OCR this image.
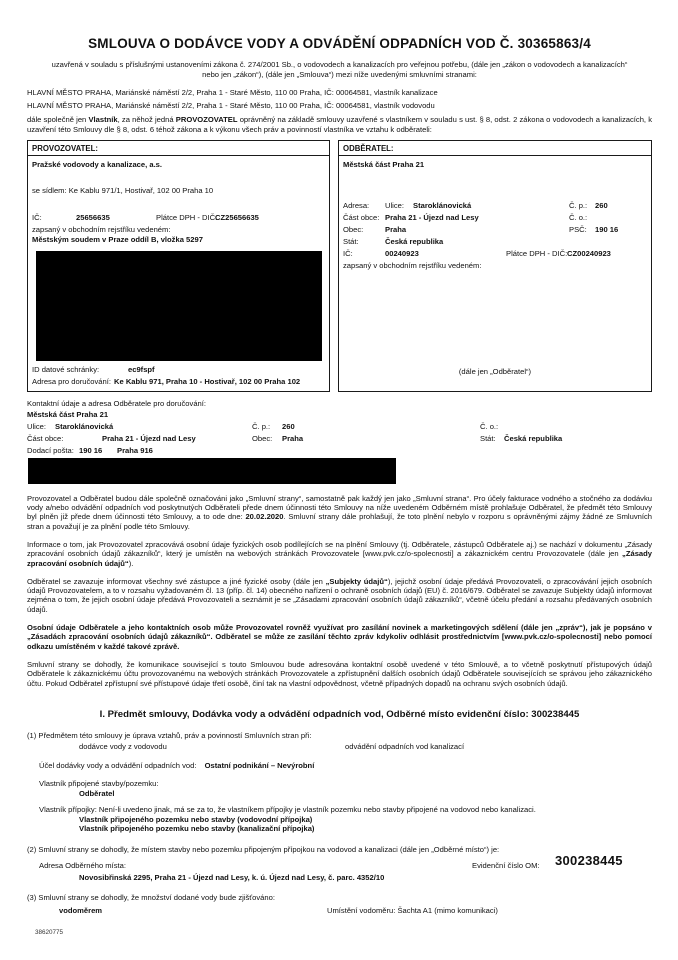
SMLOUVA O DODÁVCE VODY A ODVÁDĚNÍ ODPADNÍCH VOD Č. 30365863/4
uzavřená v souladu s příslušnými ustanoveními zákona č. 274/2001 Sb., o vodovodech a kanalizacích pro veřejnou potřebu, (dále jen „zákon o vodovodech a kanalizacích“
nebo jen „zákon“), (dále jen „Smlouva“) mezi níže uvedenými smluvními stranami:
HLAVNÍ MĚSTO PRAHA, Mariánské náměstí 2/2, Praha 1 - Staré Město, 110 00 Praha, IČ: 00064581, vlastník kanalizace
HLAVNÍ MĚSTO PRAHA, Mariánské náměstí 2/2, Praha 1 - Staré Město, 110 00 Praha, IČ: 00064581, vlastník vodovodu
dále společně jen Vlastník, za něhož jedná PROVOZOVATEL oprávněný na základě smlouvy uzavřené s vlastníkem v souladu s ust. § 8, odst. 2 zákona o vodovodech a kanalizacích, k uzavření této Smlouvy dle § 8, odst. 6 téhož zákona a k výkonu všech práv a povinností vlastníka ve vztahu k odběrateli:
PROVOZOVATEL:
Pražské vodovody a kanalizace, a.s.
se sídlem: Ke Kablu 971/1, Hostivař, 102 00 Praha 10
IČ:	25656635	Plátce DPH - DIČ:
CZ25656635
zapsaný v obchodním rejstříku vedeném:
Městským soudem v Praze oddíl B, vložka 5297
ID datové schránky:	ec9fspf
Adresa pro doručování: Ke Kablu 971, Praha 10 - Hostivař, 102 00 Praha 102
ODBĚRATEL:
Městská část Praha 21
Adresa: Ulice: Staroklánovická	Č. p.: 260
Část obce: Praha 21 - Újezd nad Lesy	Č. o.:
Obec:	Praha	PSČ: 190 16
Stát:	Česká republika
IČ:	00240923	Plátce DPH - DIČ: CZ00240923
zapsaný v obchodním rejstříku vedeném:
(dále jen „Odběratel“)
Kontaktní údaje a adresa Odběratele pro doručování:
Městská část Praha 21
Ulice: Staroklánovická	Č. p.: 260	Č. o.:
Část obce:	Praha 21 - Újezd nad Lesy	Obec: Praha	Stát: Česká republika
Dodací pošta: 190 16 Praha 916
Provozovatel a Odběratel budou dále společně označováni jako „Smluvní strany“, samostatně pak každý jen jako „Smluvní strana“. Pro účely fakturace vodného a stočného za dodávku vody a/nebo odvádění odpadních vod poskytnutých Odběrateli přede dnem účinnosti této Smlouvy na níže uvedeném Odběrném místě prohlašuje Odběratel, že předmět této Smlouvy byl plněn již přede dnem účinnosti této Smlouvy, a to ode dne: 20.02.2020. Smluvní strany dále prohlašují, že toto plnění nebylo v rozporu s oprávněnými zájmy žádné ze Smluvních stran a považují je za plnění podle této Smlouvy.
Informace o tom, jak Provozovatel zpracovává osobní údaje fyzických osob podílejících se na plnění Smlouvy (tj. Odběratele, zástupců Odběratele aj.) se nachází v dokumentu „Zásady zpracování osobních údajů zákazníků“, který je umístěn na webových stránkách Provozovatele [www.pvk.cz/o-spolecnosti] a zákaznickém centru Provozovatele (dále jen „Zásady zpracování osobních údajů“).
Odběratel se zavazuje informovat všechny své zástupce a jiné fyzické osoby (dále jen „Subjekty údajů“), jejichž osobní údaje předává Provozovateli, o zpracovávání jejich osobních údajů Provozovatelem, a to v rozsahu vyžadovaném čl. 13 (příp. čl. 14) obecného nařízení o ochraně osobních údajů (EU) č. 2016/679. Odběratel se zavazuje Subjekty údajů informovat zejména o tom, že jejich osobní údaje předává Provozovateli a seznámit je se „Zásadami zpracování osobních údajů zákazníků“, včetně účelu předání a rozsahu předávaných osobních údajů.
Osobní údaje Odběratele a jeho kontaktních osob může Provozovatel rovněž využívat pro zasílání novinek a marketingových sdělení (dále jen „zpráv“), jak je popsáno v „Zásadách zpracování osobních údajů zákazníků“. Odběratel se může ze zasílání těchto zpráv kdykoliv odhlásit prostřednictvím [www.pvk.cz/o-spolecnosti] nebo pomocí odkazu umístěném v každé takové zprávě.
Smluvní strany se dohodly, že komunikace související s touto Smlouvou bude adresována kontaktní osobě uvedené v této Smlouvě, a to včetně poskytnutí přístupových údajů Odběratele k zákaznickému účtu provozovanému na webových stránkách Provozovatele a zpřístupnění dalších osobních údajů Odběratele souvisejících se správou jeho zákaznického účtu. Pokud Odběratel zpřístupní své přístupové údaje třetí osobě, činí tak na vlastní odpovědnost, včetně případných dopadů na ochranu svých osobních údajů.
I. Předmět smlouvy, Dodávka vody a odvádění odpadních vod, Odběrné místo evidenční číslo: 300238445
(1) Předmětem této smlouvy je úprava vztahů, práv a povinností Smluvních stran při:
dodávce vody z vodovodu	odvádění odpadních vod kanalizací
Účel dodávky vody a odvádění odpadních vod: Ostatní podnikání – Nevýrobní
Vlastník připojené stavby/pozemku:
Odběratel
Vlastník přípojky: Není-li uvedeno jinak, má se za to, že vlastníkem přípojky je vlastník pozemku nebo stavby připojené na vodovod nebo kanalizaci.
Vlastník připojeného pozemku nebo stavby (vodovodní přípojka)
Vlastník připojeného pozemku nebo stavby (kanalizační přípojka)
(2) Smluvní strany se dohodly, že místem stavby nebo pozemku připojeným přípojkou na vodovod a kanalizaci (dále jen „Odběrné místo“) je:
Adresa Odběrného místa:	Evidenční číslo OM: 300238445
Novosibřinská 2295, Praha 21 - Újezd nad Lesy, k. ú. Újezd nad Lesy, č. parc. 4352/10
(3) Smluvní strany se dohodly, že množství dodané vody bude zjišťováno:
vodoměrem	Umístění vodoměru: Šachta A1 (mimo komunikaci)
38620775
